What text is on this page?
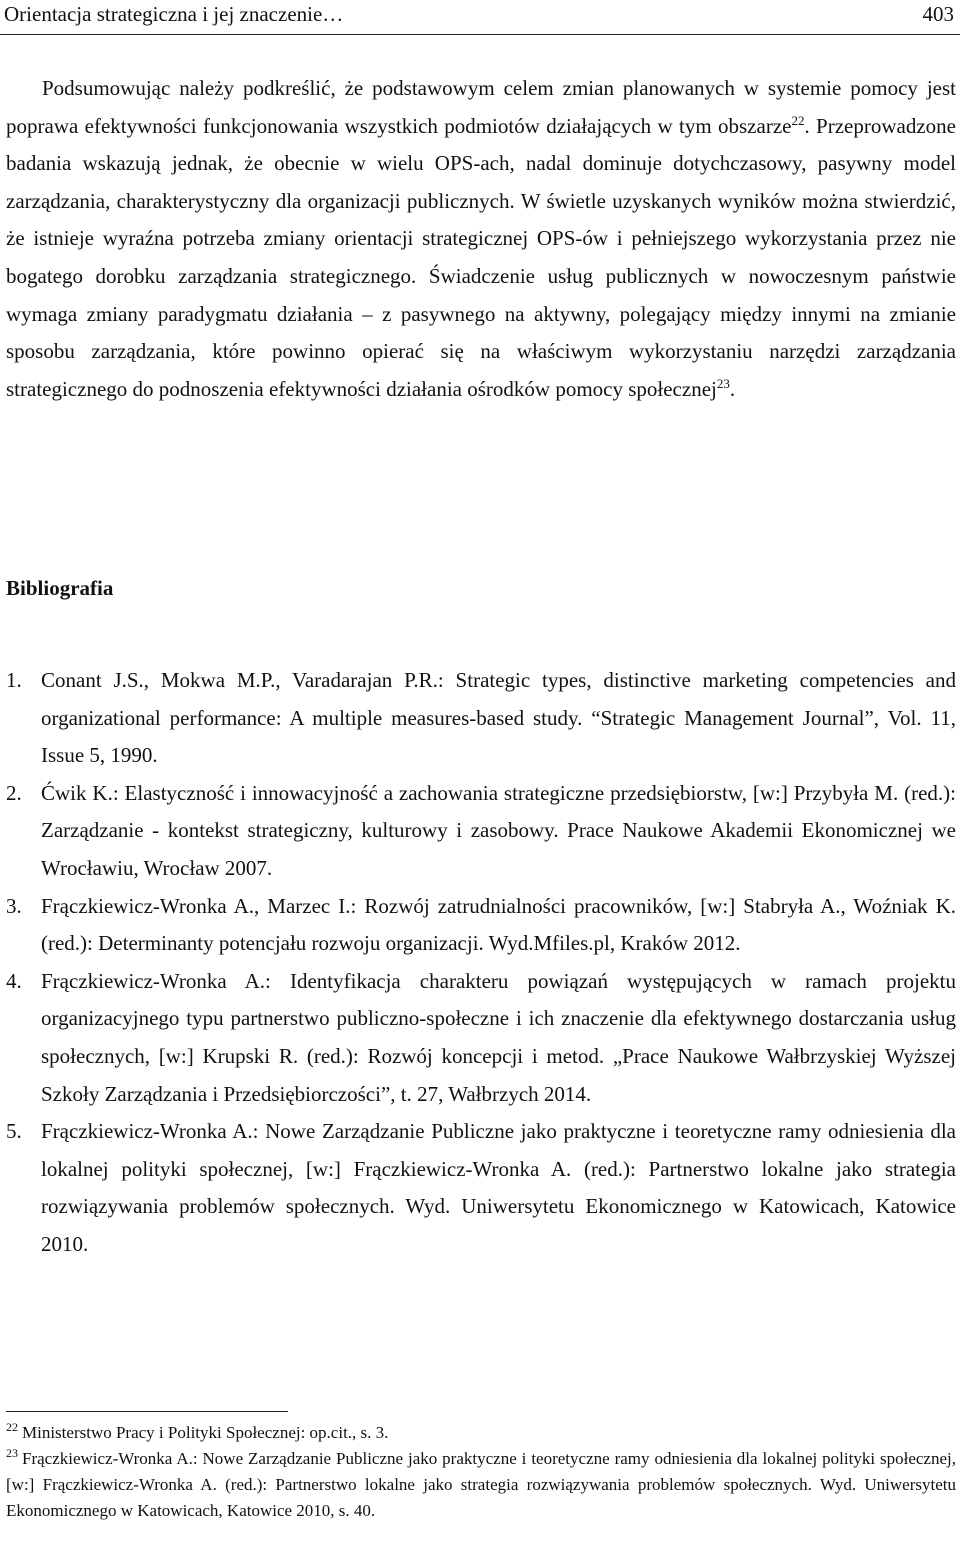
Orientacja strategiczna i jej znaczenie…	403

Podsumowując należy podkreślić, że podstawowym celem zmian planowanych w systemie pomocy jest poprawa efektywności funkcjonowania wszystkich podmiotów działających w tym obszarze$^{22}$. Przeprowadzone badania wskazują jednak, że obecnie w wielu OPS-ach, nadal dominuje dotychczasowy, pasywny model zarządzania, charakterystyczny dla organizacji publicznych. W świetle uzyskanych wyników można stwierdzić, że istnieje wyraźna potrzeba zmiany orientacji strategicznej OPS-ów i pełniejszego wykorzystania przez nie bogatego dorobku zarządzania strategicznego. Świadczenie usług publicznych w nowoczesnym państwie wymaga zmiany paradygmatu działania – z pasywnego na aktywny, polegający między innymi na zmianie sposobu zarządzania, które powinno opierać się na właściwym wykorzystaniu narzędzi zarządzania strategicznego do podnoszenia efektywności działania ośrodków pomocy społecznej$^{23}$.

Bibliografia
1. Conant J.S., Mokwa M.P., Varadarajan P.R.: Strategic types, distinctive marketing competencies and organizational performance: A multiple measures-based study. “Strategic Management Journal”, Vol. 11, Issue 5, 1990.
2. Ćwik K.: Elastyczność i innowacyjność a zachowania strategiczne przedsiębiorstw, [w:] Przybyła M. (red.): Zarządzanie - kontekst strategiczny, kulturowy i zasobowy. Prace Naukowe Akademii Ekonomicznej we Wrocławiu, Wrocław 2007.
3. Frączkiewicz-Wronka A., Marzec I.: Rozwój zatrudnialności pracowników, [w:] Stabryła A., Woźniak K. (red.): Determinanty potencjału rozwoju organizacji. Wyd.Mfiles.pl, Kraków 2012.
4. Frączkiewicz-Wronka A.: Identyfikacja charakteru powiązań występujących w ramach projektu organizacyjnego typu partnerstwo publiczno-społeczne i ich znaczenie dla efektywnego dostarczania usług społecznych, [w:] Krupski R. (red.): Rozwój koncepcji i metod. „Prace Naukowe Wałbrzyskiej Wyższej Szkoły Zarządzania i Przedsiębiorczości”, t. 27, Wałbrzych 2014.
5. Frączkiewicz-Wronka A.: Nowe Zarządzanie Publiczne jako praktyczne i teoretyczne ramy odniesienia dla lokalnej polityki społecznej, [w:] Frączkiewicz-Wronka A. (red.): Partnerstwo lokalne jako strategia rozwiązywania problemów społecznych. Wyd. Uniwersytetu Ekonomicznego w Katowicach, Katowice 2010.

$^{22}$ Ministerstwo Pracy i Polityki Społecznej: op.cit., s. 3.

$^{23}$ Frączkiewicz-Wronka A.: Nowe Zarządzanie Publiczne jako praktyczne i teoretyczne ramy odniesienia dla lokalnej polityki społecznej, [w:] Frączkiewicz-Wronka A. (red.): Partnerstwo lokalne jako strategia rozwiązywania problemów społecznych. Wyd. Uniwersytetu Ekonomicznego w Katowicach, Katowice 2010, s. 40.
